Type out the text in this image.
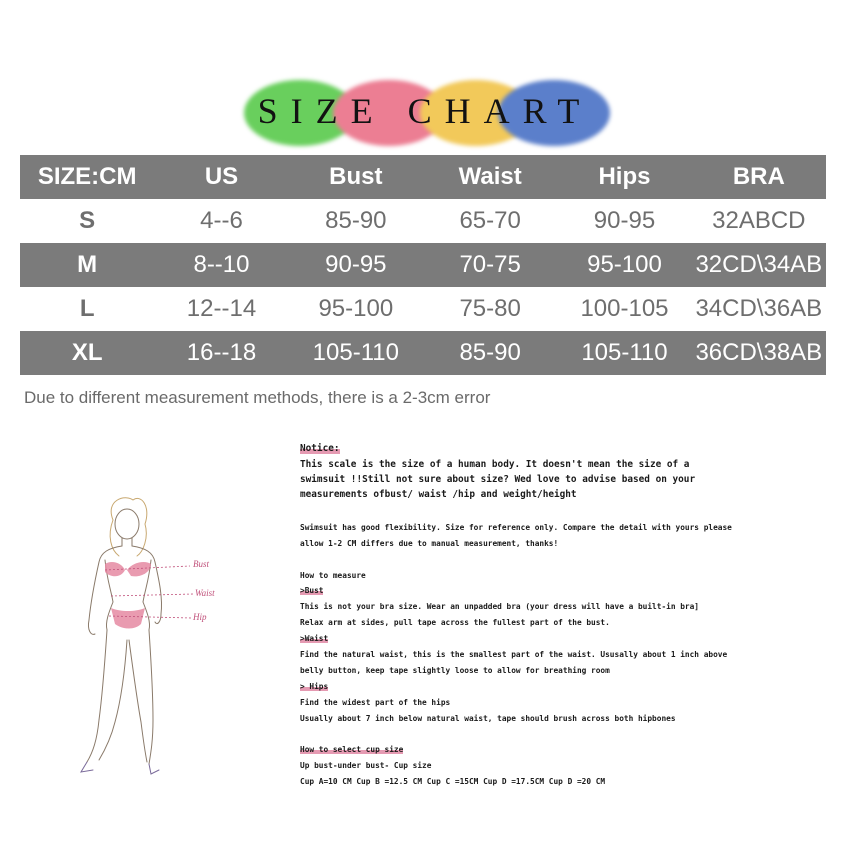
SIZE CHART
SIZE:CM	US	Bust	Waist	Hips	BRA
S	4--6	85-90	65-70	90-95	32ABCD
M	8--10	90-95	70-75	95-100	32CD\34AB
L	12--14	95-100	75-80	100-105	34CD\36AB
XL	16--18	105-110	85-90	105-110	36CD\38AB
Due to different measurement methods, there is a 2-3cm error
Bust
Waist
Hip
Notice:
This scale is the size of a human body. It doesn't mean the size of a
swimsuit !!Still not sure about size? Wed love to advise based on your
measurements ofbust/ waist /hip and weight/height
Swimsuit has good flexibility. Size for reference only. Compare the detail with yours please
allow 1-2 CM differs due to manual measurement, thanks!
How to measure
>Bust
This is not your bra size. Wear an unpadded bra (your dress will have a built-in bra]
Relax arm at sides, pull tape across the fullest part of the bust.
>Waist
Find the natural waist, this is the smallest part of the waist. Ususally about 1 inch above
belly button, keep tape slightly loose to allow for breathing room
> Hips
Find the widest part of the hips
Usually about 7 inch below natural waist, tape should brush across both hipbones
How to select cup size
Up bust-under bust- Cup size
Cup A=10 CM Cup B =12.5 CM Cup C =15CM Cup D =17.5CM Cup D =20 CM
